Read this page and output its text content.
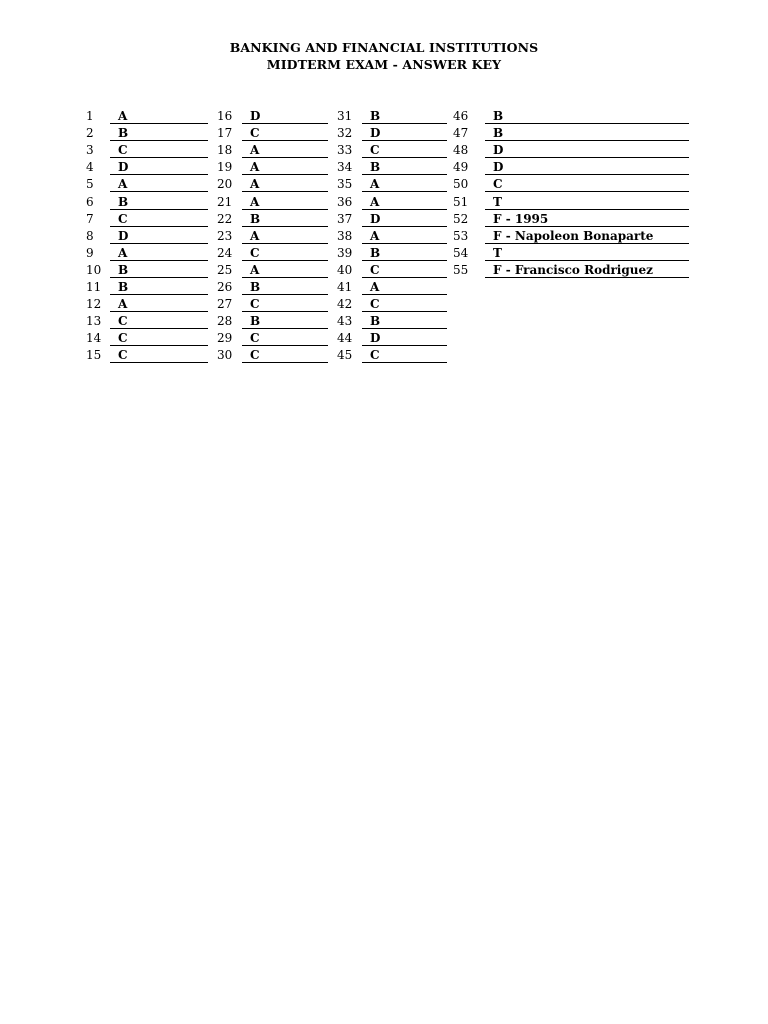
BANKING AND FINANCIAL INSTITUTIONS
MIDTERM EXAM - ANSWER KEY
1	A
2	B
3	C
4	D
5	A
6	B
7	C
8	D
9	A
10	B
11	B
12	A
13	C
14	C
15	C
16	D
17	C
18	A
19	A
20	A
21	A
22	B
23	A
24	C
25	A
26	B
27	C
28	B
29	C
30	C
31	B
32	D
33	C
34	B
35	A
36	A
37	D
38	A
39	B
40	C
41	A
42	C
43	B
44	D
45	C
46	B
47	B
48	D
49	D
50	C
51	T
52	F - 1995
53	F - Napoleon Bonaparte
54	T
55	F - Francisco Rodriguez
